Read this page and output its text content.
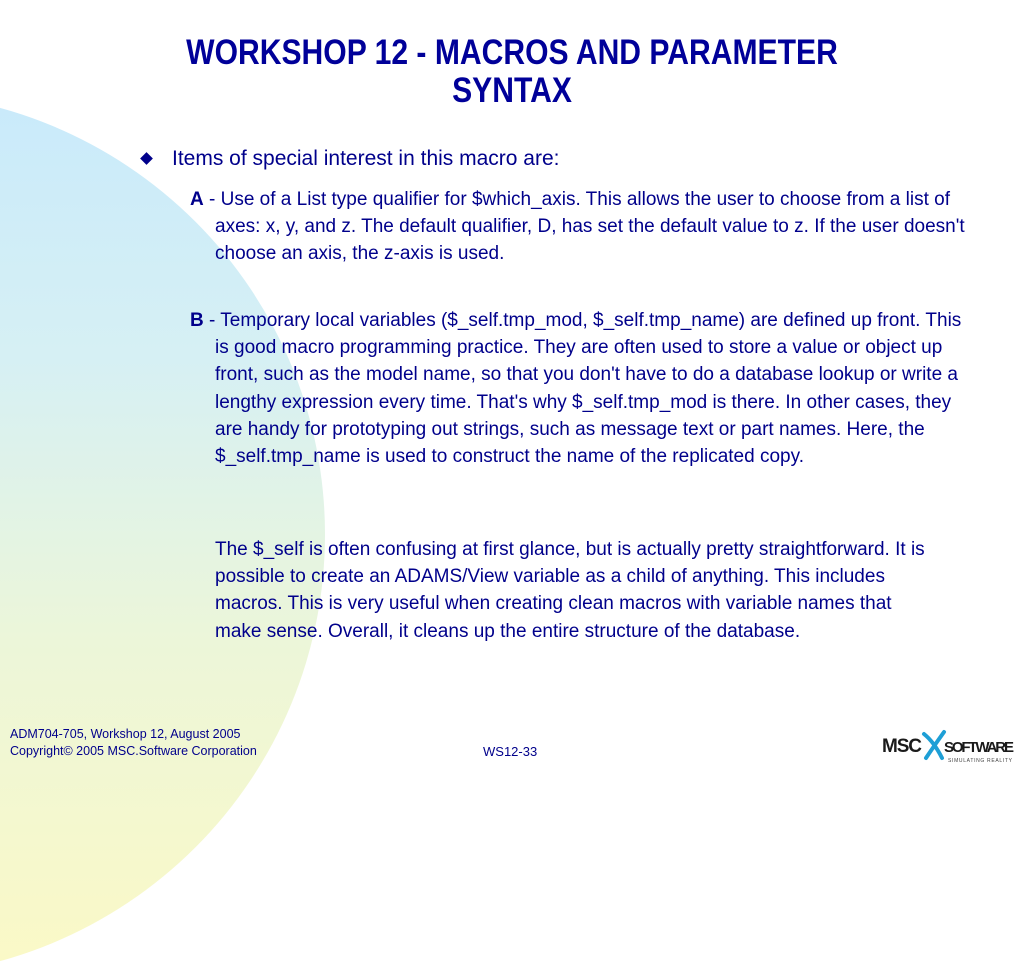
WORKSHOP 12 - MACROS AND PARAMETER SYNTAX
Items of special interest in this macro are:
A - Use of a List type qualifier for $which_axis. This allows the user to choose from a list of axes: x, y, and z. The default qualifier, D, has set the default value to z. If the user doesn't choose an axis, the z-axis is used.
B - Temporary local variables ($_self.tmp_mod, $_self.tmp_name) are defined up front. This is good macro programming practice. They are often used to store a value or object up front, such as the model name, so that you don't have to do a database lookup or write a lengthy expression every time. That's why $_self.tmp_mod is there. In other cases, they are handy for prototyping out strings, such as message text or part names. Here, the $_self.tmp_name is used to construct the name of the replicated copy.
The $_self is often confusing at first glance, but is actually pretty straightforward. It is possible to create an ADAMS/View variable as a child of anything. This includes macros. This is very useful when creating clean macros with variable names that make sense. Overall, it cleans up the entire structure of the database.
ADM704-705, Workshop 12, August 2005
Copyright© 2005 MSC.Software Corporation	WS12-33	MSC SOFTWARE
SIMULATING REALITY
